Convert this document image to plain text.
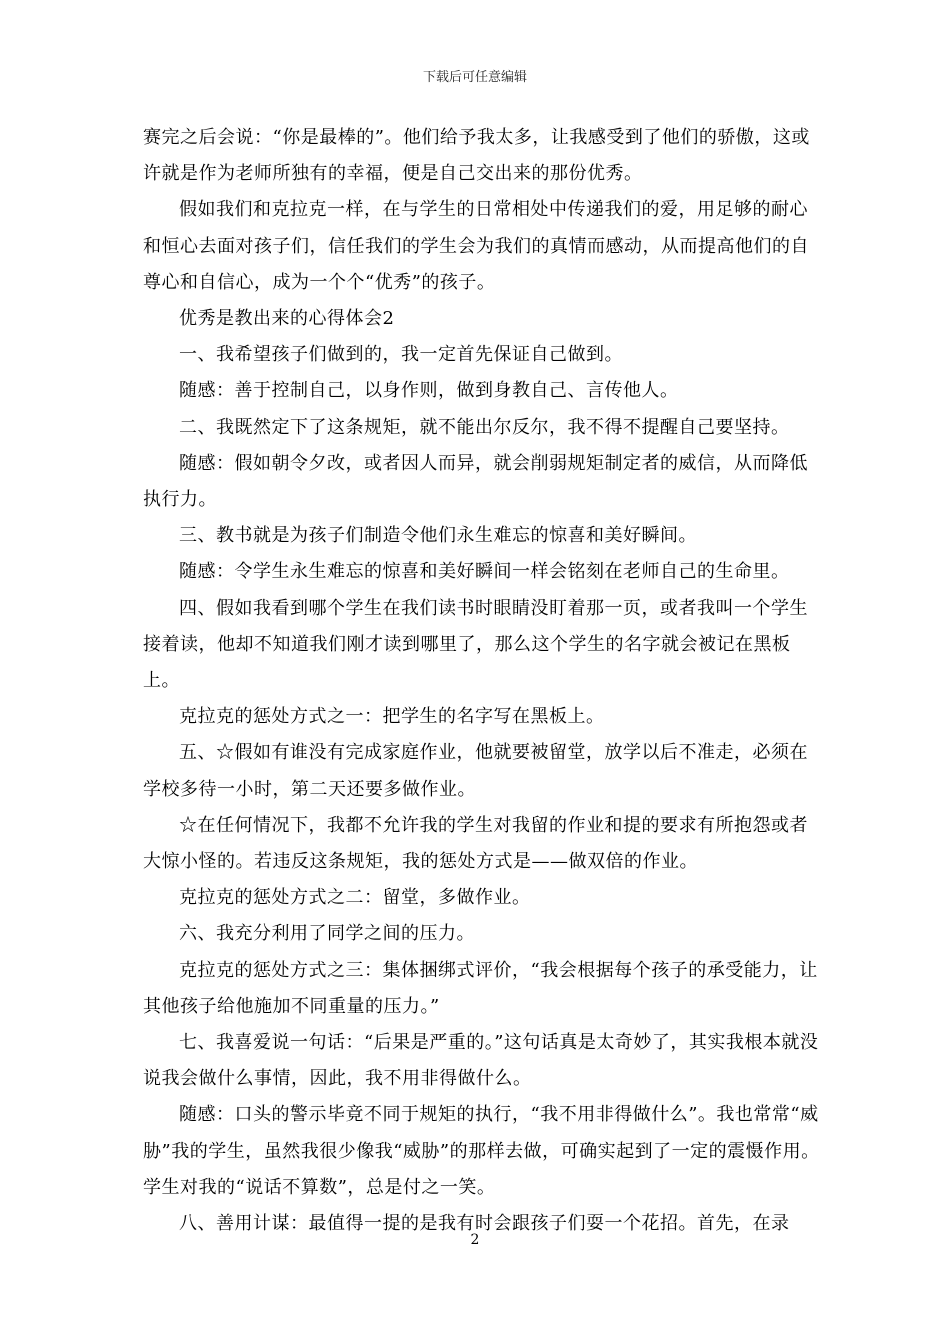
下载后可任意编辑

赛完之后会说：“你是最棒的”。他们给予我太多，让我感受到了他们的骄傲，这或许就是作为老师所独有的幸福，便是自己交出来的那份优秀。

假如我们和克拉克一样，在与学生的日常相处中传递我们的爱，用足够的耐心和恒心去面对孩子们，信任我们的学生会为我们的真情而感动，从而提高他们的自尊心和自信心，成为一个个“优秀”的孩子。

优秀是教出来的心得体会2

一、我希望孩子们做到的，我一定首先保证自己做到。

随感：善于控制自己，以身作则，做到身教自己、言传他人。

二、我既然定下了这条规矩，就不能出尔反尔，我不得不提醒自己要坚持。

随感：假如朝令夕改，或者因人而异，就会削弱规矩制定者的威信，从而降低执行力。

三、教书就是为孩子们制造令他们永生难忘的惊喜和美好瞬间。

随感：令学生永生难忘的惊喜和美好瞬间一样会铭刻在老师自己的生命里。

四、假如我看到哪个学生在我们读书时眼睛没盯着那一页，或者我叫一个学生接着读，他却不知道我们刚才读到哪里了，那么这个学生的名字就会被记在黑板上。

克拉克的惩处方式之一：把学生的名字写在黑板上。

五、☆假如有谁没有完成家庭作业，他就要被留堂，放学以后不准走，必须在学校多待一小时，第二天还要多做作业。

☆在任何情况下，我都不允许我的学生对我留的作业和提的要求有所抱怨或者大惊小怪的。若违反这条规矩，我的惩处方式是——做双倍的作业。

克拉克的惩处方式之二：留堂，多做作业。

六、我充分利用了同学之间的压力。

克拉克的惩处方式之三：集体捆绑式评价，“我会根据每个孩子的承受能力，让其他孩子给他施加不同重量的压力。”

七、我喜爱说一句话：“后果是严重的。”这句话真是太奇妙了，其实我根本就没说我会做什么事情，因此，我不用非得做什么。

随感：口头的警示毕竟不同于规矩的执行，“我不用非得做什么”。我也常常“威胁”我的学生，虽然我很少像我“威胁”的那样去做，可确实起到了一定的震慑作用。学生对我的“说话不算数”，总是付之一笑。

八、善用计谋：最值得一提的是我有时会跟孩子们耍一个花招。首先，在录

2
